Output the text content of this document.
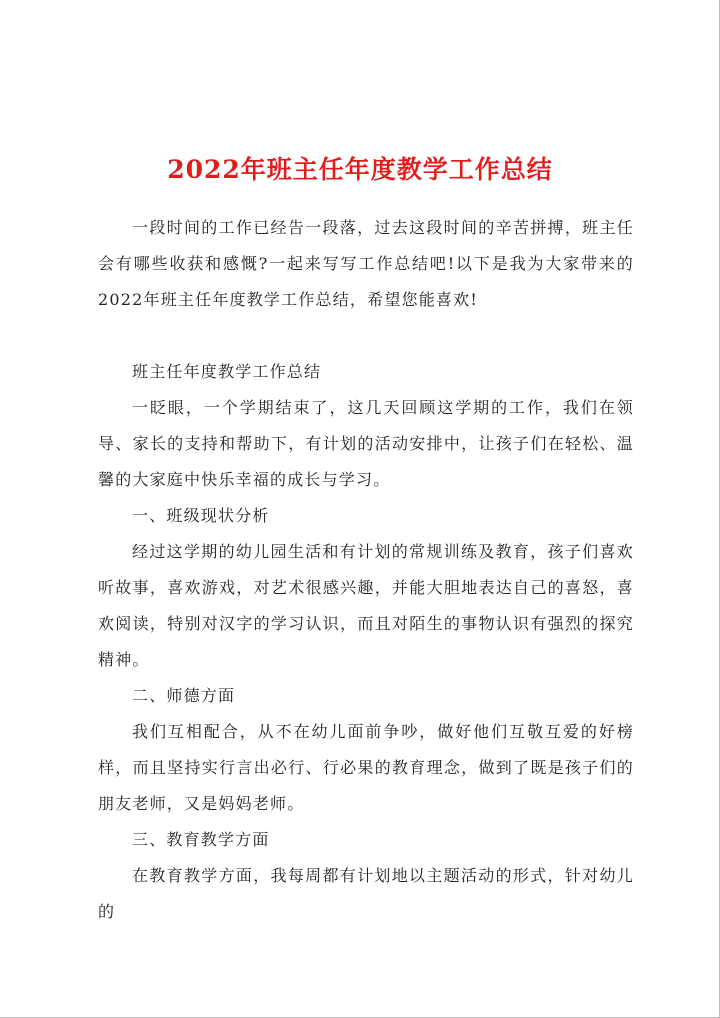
2022年班主任年度教学工作总结

一段时间的工作已经告一段落，过去这段时间的辛苦拼搏，班主任会有哪些收获和感慨?一起来写写工作总结吧!以下是我为大家带来的2022年班主任年度教学工作总结，希望您能喜欢!

班主任年度教学工作总结

一眨眼，一个学期结束了，这几天回顾这学期的工作，我们在领导、家长的支持和帮助下，有计划的活动安排中，让孩子们在轻松、温馨的大家庭中快乐幸福的成长与学习。

一、班级现状分析

经过这学期的幼儿园生活和有计划的常规训练及教育，孩子们喜欢听故事，喜欢游戏，对艺术很感兴趣，并能大胆地表达自己的喜怒，喜欢阅读，特别对汉字的学习认识，而且对陌生的事物认识有强烈的探究精神。

二、师德方面

我们互相配合，从不在幼儿面前争吵，做好他们互敬互爱的好榜样，而且坚持实行言出必行、行必果的教育理念，做到了既是孩子们的朋友老师，又是妈妈老师。

三、教育教学方面

在教育教学方面，我每周都有计划地以主题活动的形式，针对幼儿的
